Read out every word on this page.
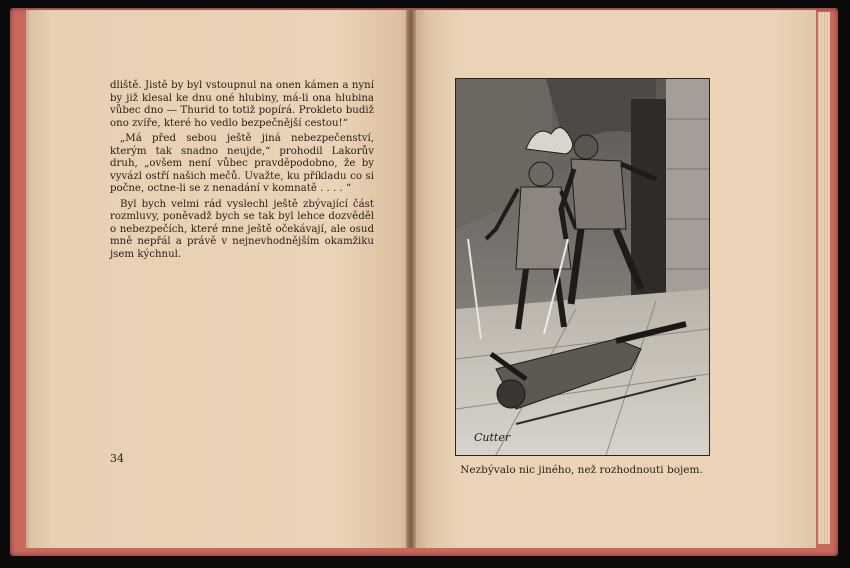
dliště. Jistě by byl vstoupnul na onen kámen a nyní by již klesal ke dnu oné hlubiny, má-li ona hlubina vůbec dno — Thurid to totiž popírá. Prokleto budiž ono zvíře, které ho vedlo bezpečnější cestou!“

„Má před sebou ještě jiná nebezpečenství, kterým tak snadno neujde,“ prohodil Lakorův druh, „ovšem není vůbec pravděpodobno, že by vyvázl ostří našich mečů. Uvažte, ku příkladu co si počne, octne-li se z nenadání v komnatě . . . . “

Byl bych velmi rád vyslechl ještě zbývající část rozmluvy, poněvadž bych se tak byl lehce dozvěděl o nebezpečích, které mne ještě očekávají, ale osud mně nepřál a právě v nejnevhodnějším okamžiku jsem kýchnul.

34
Cutter
Nezbývalo nic jiného, než rozhodnouti bojem.
